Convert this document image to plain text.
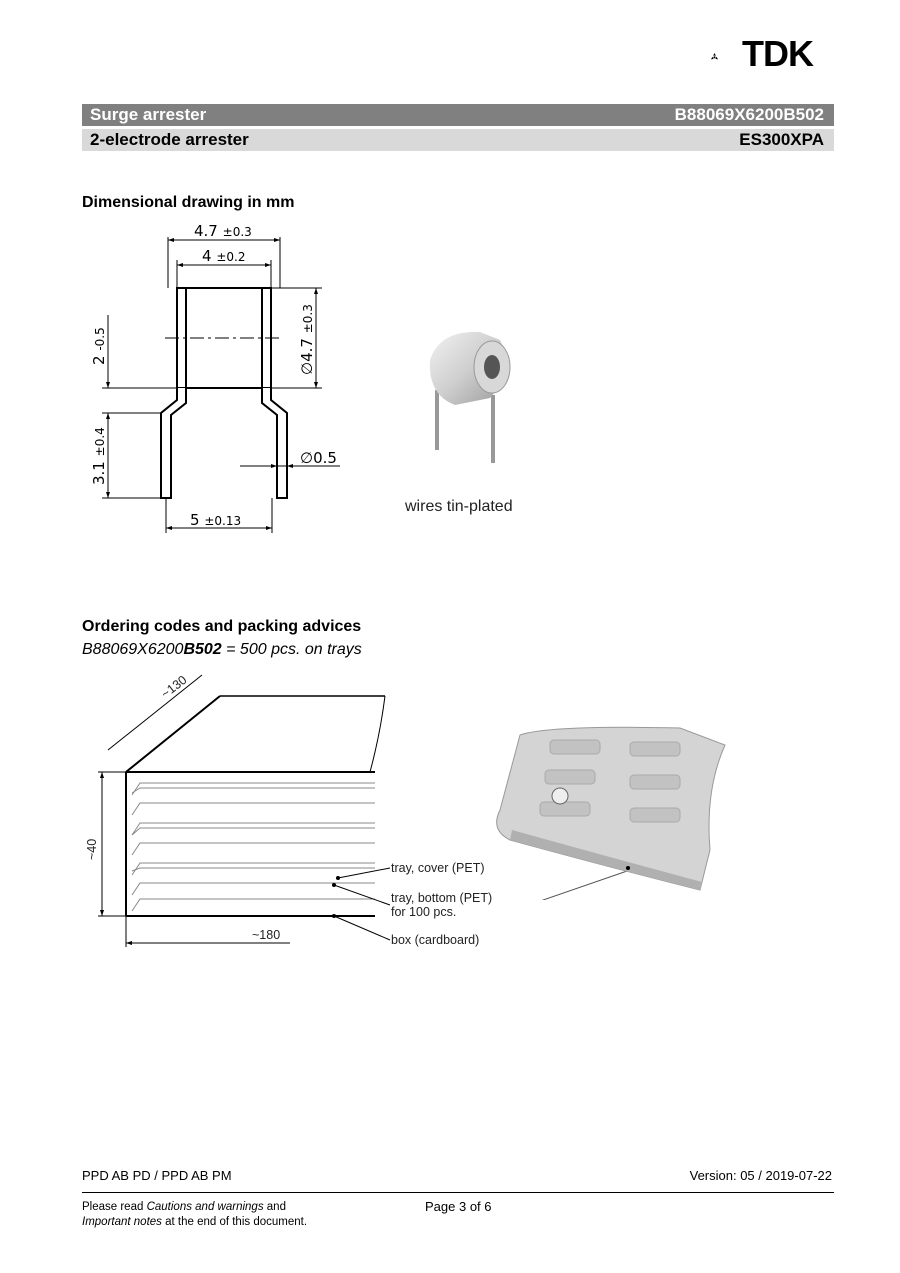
TDK
Surge arrester	B88069X6200B502
2-electrode arrester	ES300XPA
Dimensional drawing in mm
4.7 ±0.3
4 ±0.2
5 ±0.13
∅0.5
∅4.7 ±0.3
2 -0.5
3.1 ±0.4
wires tin-plated
Ordering codes and packing advices
B88069X6200B502 = 500 pcs. on trays
~130
~40
~180
tray, cover (PET)
tray, bottom (PET)
for 100 pcs.
box (cardboard)
PPD AB PD / PPD AB PM	Version: 05 / 2019-07-22
Please read Cautions and warnings and
Important notes at the end of this document.
Page 3 of 6
